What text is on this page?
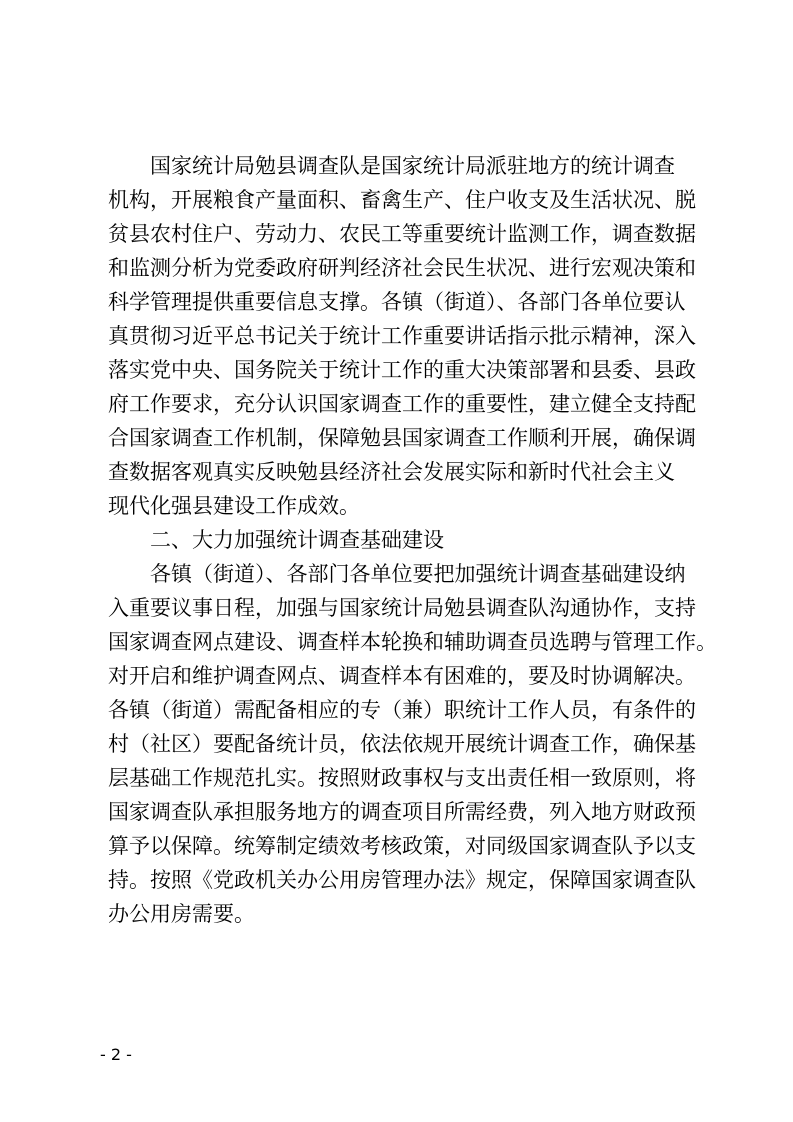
国家统计局勉县调查队是国家统计局派驻地方的统计调查
机构，开展粮食产量面积、畜禽生产、住户收支及生活状况、脱
贫县农村住户、劳动力、农民工等重要统计监测工作，调查数据
和监测分析为党委政府研判经济社会民生状况、进行宏观决策和
科学管理提供重要信息支撑。各镇（街道）、各部门各单位要认
真贯彻习近平总书记关于统计工作重要讲话指示批示精神，深入
落实党中央、国务院关于统计工作的重大决策部署和县委、县政
府工作要求，充分认识国家调查工作的重要性，建立健全支持配
合国家调查工作机制，保障勉县国家调查工作顺利开展，确保调
查数据客观真实反映勉县经济社会发展实际和新时代社会主义
现代化强县建设工作成效。
二、大力加强统计调查基础建设
各镇（街道）、各部门各单位要把加强统计调查基础建设纳
入重要议事日程，加强与国家统计局勉县调查队沟通协作，支持
国家调查网点建设、调查样本轮换和辅助调查员选聘与管理工作。
对开启和维护调查网点、调查样本有困难的，要及时协调解决。
各镇（街道）需配备相应的专（兼）职统计工作人员，有条件的
村（社区）要配备统计员，依法依规开展统计调查工作，确保基
层基础工作规范扎实。按照财政事权与支出责任相一致原则，将
国家调查队承担服务地方的调查项目所需经费，列入地方财政预
算予以保障。统筹制定绩效考核政策，对同级国家调查队予以支
持。按照《党政机关办公用房管理办法》规定，保障国家调查队
办公用房需要。
- 2 -
